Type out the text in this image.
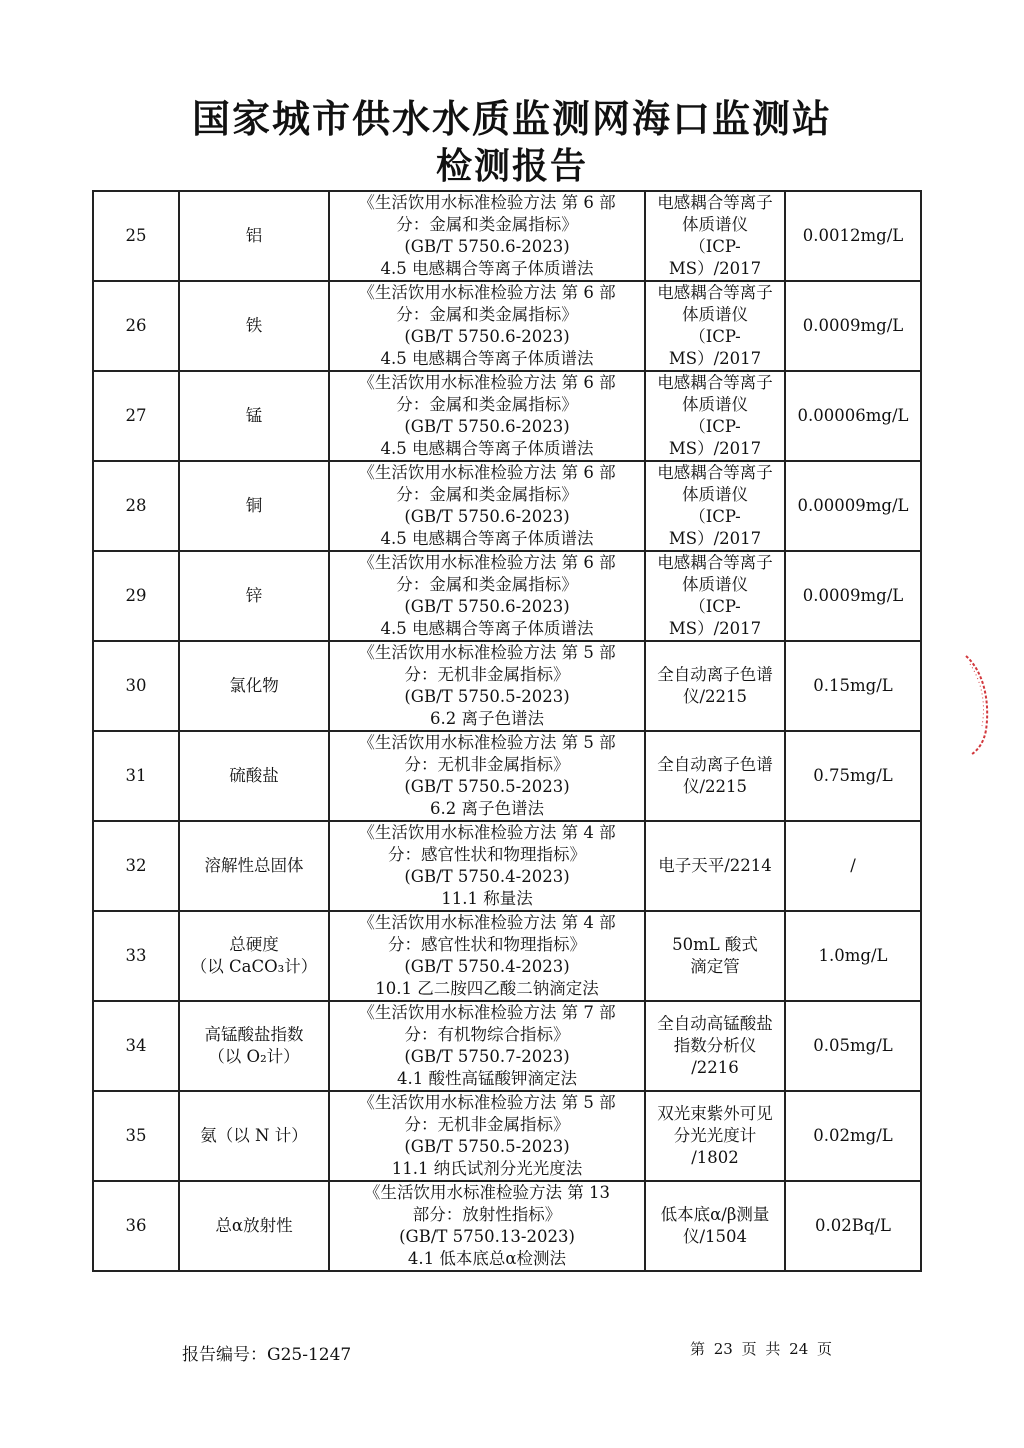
国家城市供水水质监测网海口监测站
检测报告
25	铝	《生活饮用水标准检验方法 第 6 部
分：金属和类金属指标》
(GB/T 5750.6-2023)
4.5 电感耦合等离子体质谱法	电感耦合等离子
体质谱仪
（ICP-MS）/2017	0.0012mg/L
26	铁	《生活饮用水标准检验方法 第 6 部
分：金属和类金属指标》
(GB/T 5750.6-2023)
4.5 电感耦合等离子体质谱法	电感耦合等离子
体质谱仪
（ICP-MS）/2017	0.0009mg/L
27	锰	《生活饮用水标准检验方法 第 6 部
分：金属和类金属指标》
(GB/T 5750.6-2023)
4.5 电感耦合等离子体质谱法	电感耦合等离子
体质谱仪
（ICP-MS）/2017	0.00006mg/L
28	铜	《生活饮用水标准检验方法 第 6 部
分：金属和类金属指标》
(GB/T 5750.6-2023)
4.5 电感耦合等离子体质谱法	电感耦合等离子
体质谱仪
（ICP-MS）/2017	0.00009mg/L
29	锌	《生活饮用水标准检验方法 第 6 部
分：金属和类金属指标》
(GB/T 5750.6-2023)
4.5 电感耦合等离子体质谱法	电感耦合等离子
体质谱仪
（ICP-MS）/2017	0.0009mg/L
30	氯化物	《生活饮用水标准检验方法 第 5 部
分：无机非金属指标》
(GB/T 5750.5-2023)
6.2 离子色谱法	全自动离子色谱
仪/2215	0.15mg/L
31	硫酸盐	《生活饮用水标准检验方法 第 5 部
分：无机非金属指标》
(GB/T 5750.5-2023)
6.2 离子色谱法	全自动离子色谱
仪/2215	0.75mg/L
32	溶解性总固体	《生活饮用水标准检验方法 第 4 部
分：感官性状和物理指标》
(GB/T 5750.4-2023)
11.1 称量法	电子天平/2214	/
33	总硬度
（以 CaCO₃计）	《生活饮用水标准检验方法 第 4 部
分：感官性状和物理指标》
(GB/T 5750.4-2023)
10.1 乙二胺四乙酸二钠滴定法	50mL 酸式
滴定管	1.0mg/L
34	高锰酸盐指数
（以 O₂计）	《生活饮用水标准检验方法 第 7 部
分：有机物综合指标》
(GB/T 5750.7-2023)
4.1 酸性高锰酸钾滴定法	全自动高锰酸盐
指数分析仪
/2216	0.05mg/L
35	氨（以 N 计）	《生活饮用水标准检验方法 第 5 部
分：无机非金属指标》
(GB/T 5750.5-2023)
11.1 纳氏试剂分光光度法	双光束紫外可见
分光光度计
/1802	0.02mg/L
36	总α放射性	《生活饮用水标准检验方法 第 13
部分：放射性指标》
(GB/T 5750.13-2023)
4.1 低本底总α检测法	低本底α/β测量
仪/1504	0.02Bq/L
报告编号：G25-1247	第 23 页 共 24 页
